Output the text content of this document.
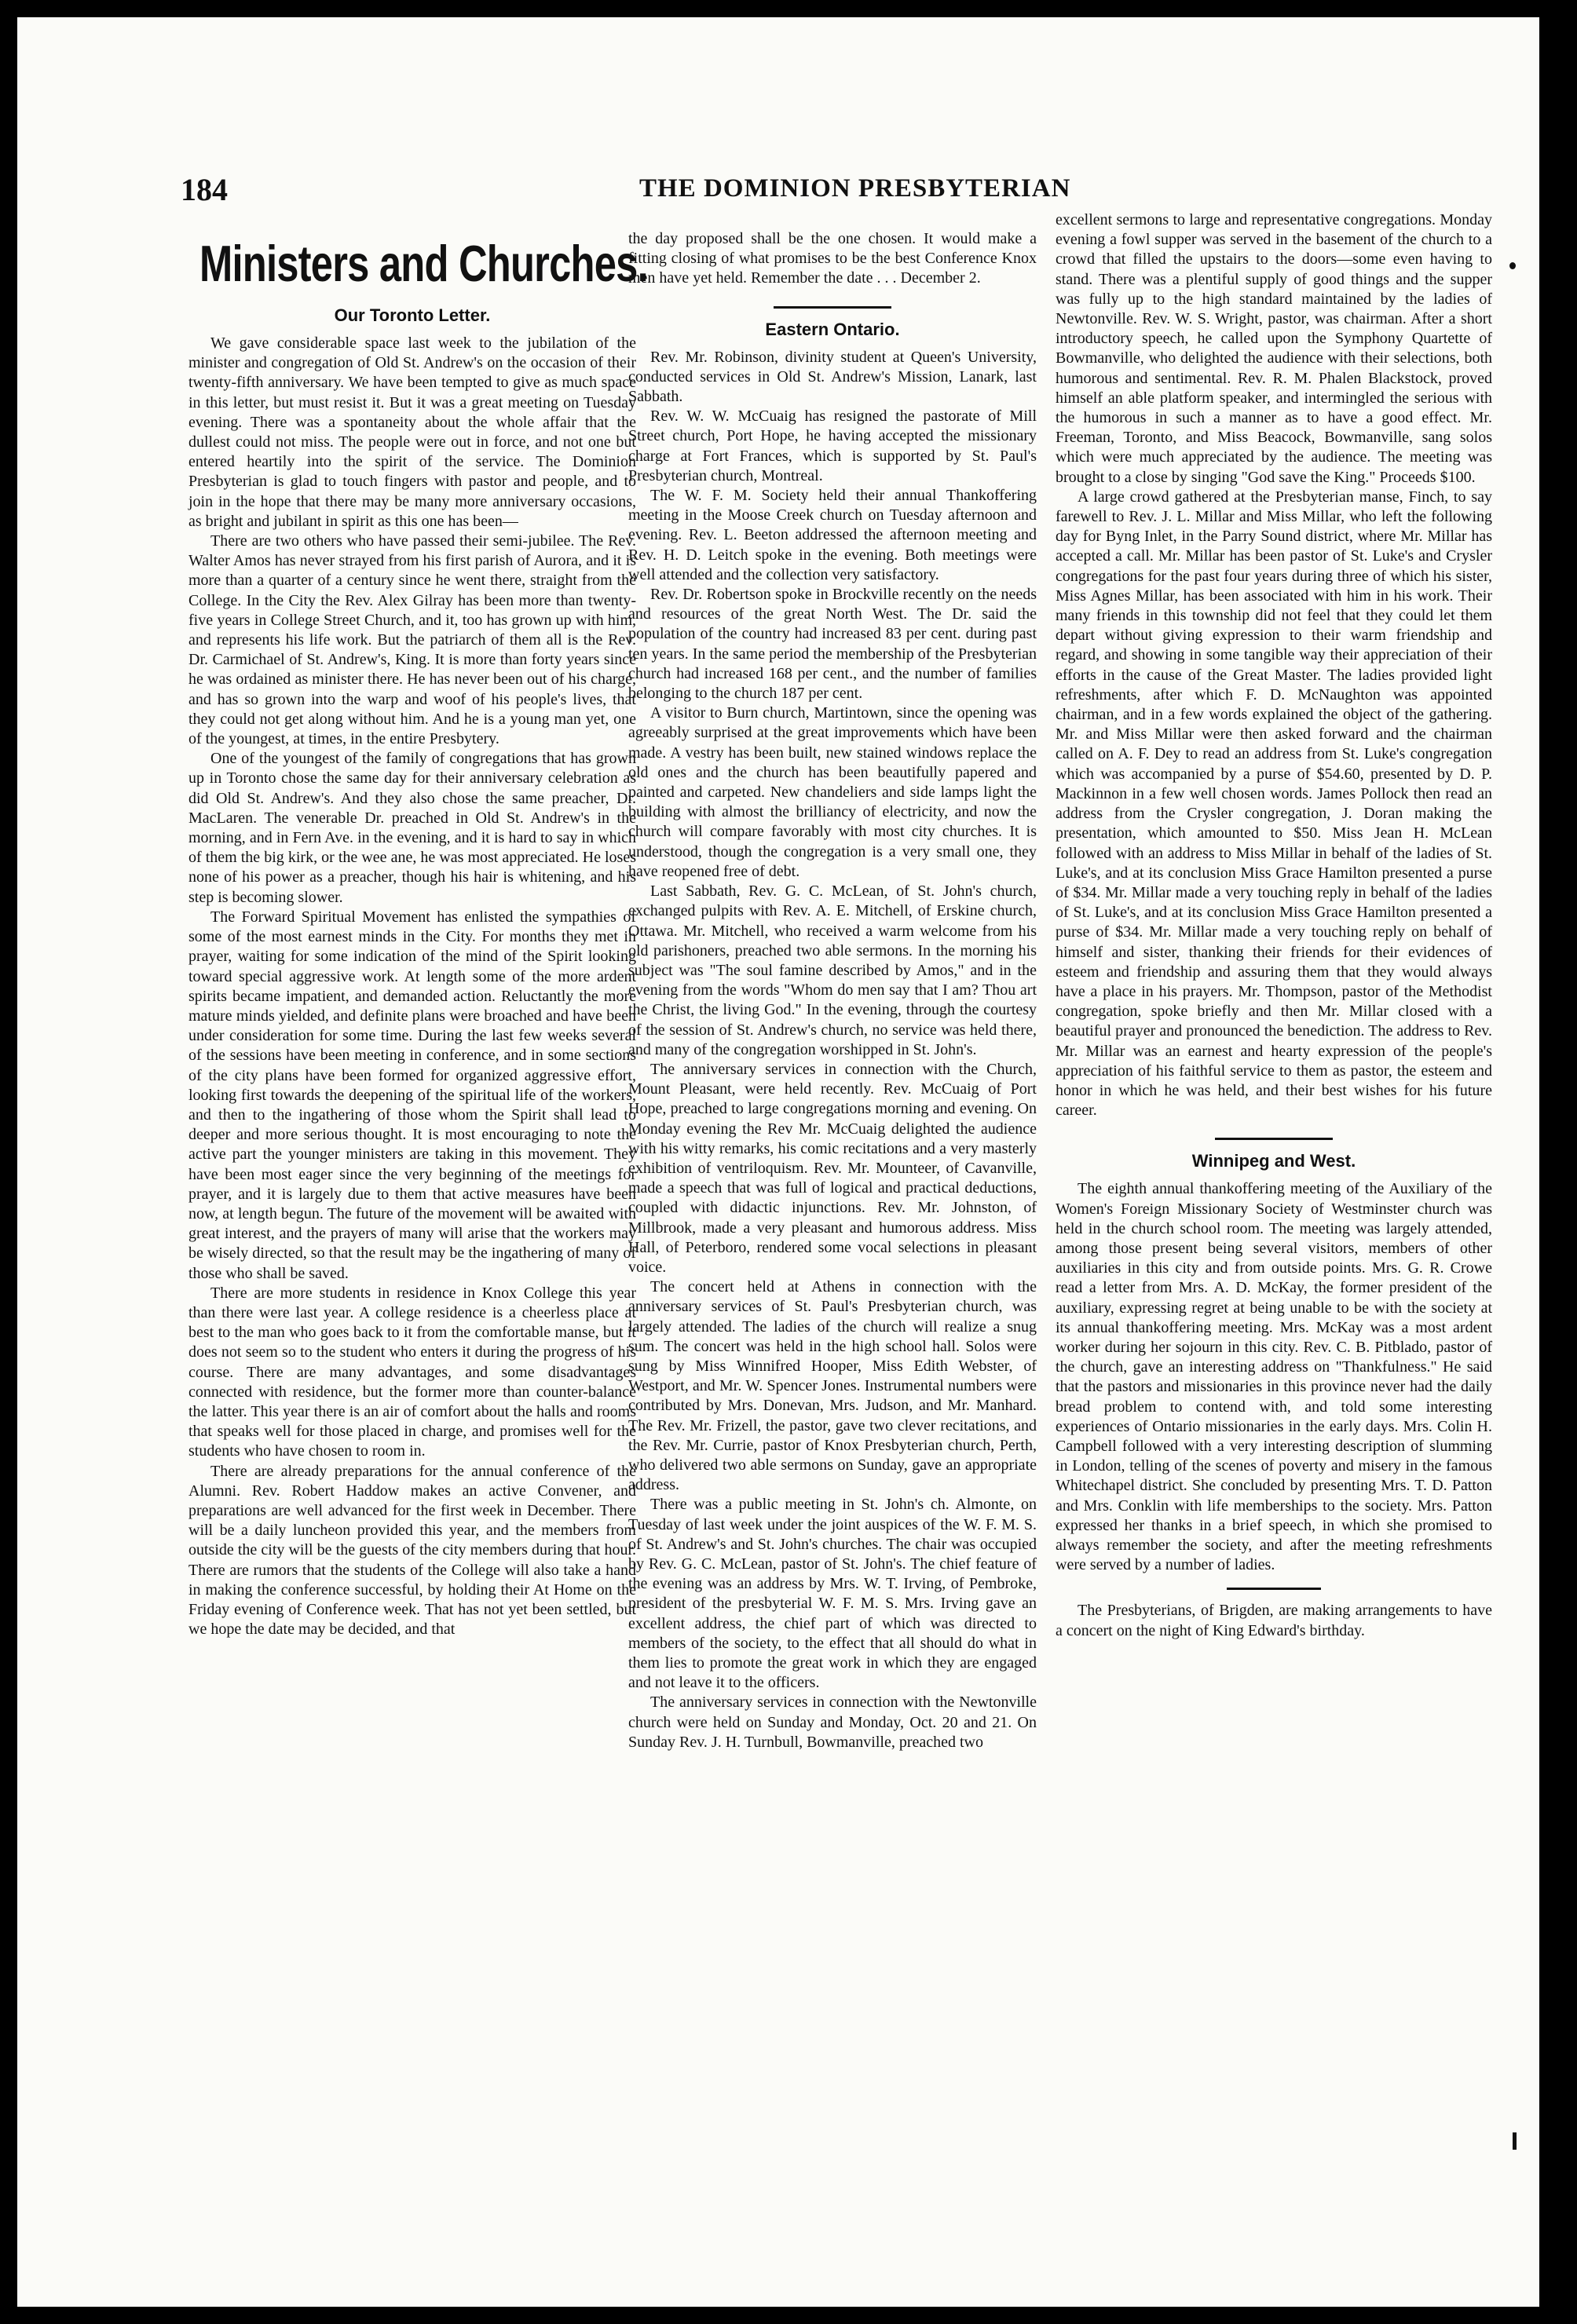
184	THE DOMINION PRESBYTERIAN
Ministers and Churches.
Our Toronto Letter.

We gave considerable space last week to the jubilation of the minister and congregation of Old St. Andrew's on the occasion of their twenty-fifth anniversary. We have been tempted to give as much space in this letter, but must resist it. But it was a great meeting on Tuesday evening. There was a spontaneity about the whole affair that the dullest could not miss. The people were out in force, and not one but entered heartily into the spirit of the service. The Dominion Presbyterian is glad to touch fingers with pastor and people, and to join in the hope that there may be many more anniversary occasions, as bright and jubilant in spirit as this one has been—

There are two others who have passed their semi-jubilee. The Rev. Walter Amos has never strayed from his first parish of Aurora, and it is more than a quarter of a century since he went there, straight from the College. In the City the Rev. Alex Gilray has been more than twenty-five years in College Street Church, and it, too has grown up with him, and represents his life work. But the patriarch of them all is the Rev. Dr. Carmichael of St. Andrew's, King. It is more than forty years since he was ordained as minister there. He has never been out of his charge, and has so grown into the warp and woof of his people's lives, that they could not get along without him. And he is a young man yet, one of the youngest, at times, in the entire Presbytery.

One of the youngest of the family of congregations that has grown up in Toronto chose the same day for their anniversary celebration as did Old St. Andrew's. And they also chose the same preacher, Dr. MacLaren. The venerable Dr. preached in Old St. Andrew's in the morning, and in Fern Ave. in the evening, and it is hard to say in which of them the big kirk, or the wee ane, he was most appreciated. He loses none of his power as a preacher, though his hair is whitening, and his step is becoming slower.

The Forward Spiritual Movement has enlisted the sympathies of some of the most earnest minds in the City. For months they met in prayer, waiting for some indication of the mind of the Spirit looking toward special aggressive work. At length some of the more ardent spirits became impatient, and demanded action. Reluctantly the more mature minds yielded, and definite plans were broached and have been under consideration for some time. During the last few weeks several of the sessions have been meeting in conference, and in some sections of the city plans have been formed for organized aggressive effort, looking first towards the deepening of the spiritual life of the workers, and then to the ingathering of those whom the Spirit shall lead to deeper and more serious thought. It is most encouraging to note the active part the younger ministers are taking in this movement. They have been most eager since the very beginning of the meetings for prayer, and it is largely due to them that active measures have been now, at length begun. The future of the movement will be awaited with great interest, and the prayers of many will arise that the workers may be wisely directed, so that the result may be the ingathering of many of those who shall be saved.

There are more students in residence in Knox College this year than there were last year. A college residence is a cheerless place at best to the man who goes back to it from the comfortable manse, but it does not seem so to the student who enters it during the progress of his course. There are many advantages, and some disadvantages connected with residence, but the former more than counter-balance the latter. This year there is an air of comfort about the halls and rooms that speaks well for those placed in charge, and promises well for the students who have chosen to room in.

There are already preparations for the annual conference of the Alumni. Rev. Robert Haddow makes an active Convener, and preparations are well advanced for the first week in December. There will be a daily luncheon provided this year, and the members from outside the city will be the guests of the city members during that hour. There are rumors that the students of the College will also take a hand in making the conference successful, by holding their At Home on the Friday evening of Conference week. That has not yet been settled, but we hope the date may be decided, and that

the day proposed shall be the one chosen. It would make a fitting closing of what promises to be the best Conference Knox men have yet held. Remember the date . . . December 2.

Eastern Ontario.

Rev. Mr. Robinson, divinity student at Queen's University, conducted services in Old St. Andrew's Mission, Lanark, last Sabbath.

Rev. W. W. McCuaig has resigned the pastorate of Mill Street church, Port Hope, he having accepted the missionary charge at Fort Frances, which is supported by St. Paul's Presbyterian church, Montreal.

The W. F. M. Society held their annual Thankoffering meeting in the Moose Creek church on Tuesday afternoon and evening. Rev. L. Beeton addressed the afternoon meeting and Rev. H. D. Leitch spoke in the evening. Both meetings were well attended and the collection very satisfactory.

Rev. Dr. Robertson spoke in Brockville recently on the needs and resources of the great North West. The Dr. said the population of the country had increased 83 per cent. during past ten years. In the same period the membership of the Presbyterian church had increased 168 per cent., and the number of families belonging to the church 187 per cent.

A visitor to Burn church, Martintown, since the opening was agreeably surprised at the great improvements which have been made. A vestry has been built, new stained windows replace the old ones and the church has been beautifully papered and painted and carpeted. New chandeliers and side lamps light the building with almost the brilliancy of electricity, and now the church will compare favorably with most city churches. It is understood, though the congregation is a very small one, they have reopened free of debt.

Last Sabbath, Rev. G. C. McLean, of St. John's church, exchanged pulpits with Rev. A. E. Mitchell, of Erskine church, Ottawa. Mr. Mitchell, who received a warm welcome from his old parishoners, preached two able sermons. In the morning his subject was "The soul famine described by Amos," and in the evening from the words "Whom do men say that I am? Thou art the Christ, the living God." In the evening, through the courtesy of the session of St. Andrew's church, no service was held there, and many of the congregation worshipped in St. John's.

The anniversary services in connection with the Church, Mount Pleasant, were held recently. Rev. McCuaig of Port Hope, preached to large congregations morning and evening. On Monday evening the Rev Mr. McCuaig delighted the audience with his witty remarks, his comic recitations and a very masterly exhibition of ventriloquism. Rev. Mr. Mounteer, of Cavanville, made a speech that was full of logical and practical deductions, coupled with didactic injunctions. Rev. Mr. Johnston, of Millbrook, made a very pleasant and humorous address. Miss Hall, of Peterboro, rendered some vocal selections in pleasant voice.

The concert held at Athens in connection with the anniversary services of St. Paul's Presbyterian church, was largely attended. The ladies of the church will realize a snug sum. The concert was held in the high school hall. Solos were sung by Miss Winnifred Hooper, Miss Edith Webster, of Westport, and Mr. W. Spencer Jones. Instrumental numbers were contributed by Mrs. Donevan, Mrs. Judson, and Mr. Manhard. The Rev. Mr. Frizell, the pastor, gave two clever recitations, and the Rev. Mr. Currie, pastor of Knox Presbyterian church, Perth, who delivered two able sermons on Sunday, gave an appropriate address.

There was a public meeting in St. John's ch. Almonte, on Tuesday of last week under the joint auspices of the W. F. M. S. of St. Andrew's and St. John's churches. The chair was occupied by Rev. G. C. McLean, pastor of St. John's. The chief feature of the evening was an address by Mrs. W. T. Irving, of Pembroke, president of the presbyterial W. F. M. S. Mrs. Irving gave an excellent address, the chief part of which was directed to members of the society, to the effect that all should do what in them lies to promote the great work in which they are engaged and not leave it to the officers.

The anniversary services in connection with the Newtonville church were held on Sunday and Monday, Oct. 20 and 21. On Sunday Rev. J. H. Turnbull, Bowmanville, preached two

excellent sermons to large and representative congregations. Monday evening a fowl supper was served in the basement of the church to a crowd that filled the upstairs to the doors—some even having to stand. There was a plentiful supply of good things and the supper was fully up to the high standard maintained by the ladies of Newtonville. Rev. W. S. Wright, pastor, was chairman. After a short introductory speech, he called upon the Symphony Quartette of Bowmanville, who delighted the audience with their selections, both humorous and sentimental. Rev. R. M. Phalen Blackstock, proved himself an able platform speaker, and intermingled the serious with the humorous in such a manner as to have a good effect. Mr. Freeman, Toronto, and Miss Beacock, Bowmanville, sang solos which were much appreciated by the audience. The meeting was brought to a close by singing "God save the King." Proceeds $100.

A large crowd gathered at the Presbyterian manse, Finch, to say farewell to Rev. J. L. Millar and Miss Millar, who left the following day for Byng Inlet, in the Parry Sound district, where Mr. Millar has accepted a call. Mr. Millar has been pastor of St. Luke's and Crysler congregations for the past four years during three of which his sister, Miss Agnes Millar, has been associated with him in his work. Their many friends in this township did not feel that they could let them depart without giving expression to their warm friendship and regard, and showing in some tangible way their appreciation of their efforts in the cause of the Great Master. The ladies provided light refreshments, after which F. D. McNaughton was appointed chairman, and in a few words explained the object of the gathering. Mr. and Miss Millar were then asked forward and the chairman called on A. F. Dey to read an address from St. Luke's congregation which was accompanied by a purse of $54.60, presented by D. P. Mackinnon in a few well chosen words. James Pollock then read an address from the Crysler congregation, J. Doran making the presentation, which amounted to $50. Miss Jean H. McLean followed with an address to Miss Millar in behalf of the ladies of St. Luke's, and at its conclusion Miss Grace Hamilton presented a purse of $34. Mr. Millar made a very touching reply in behalf of the ladies of St. Luke's, and at its conclusion Miss Grace Hamilton presented a purse of $34. Mr. Millar made a very touching reply on behalf of himself and sister, thanking their friends for their evidences of esteem and friendship and assuring them that they would always have a place in his prayers. Mr. Thompson, pastor of the Methodist congregation, spoke briefly and then Mr. Millar closed with a beautiful prayer and pronounced the benediction. The address to Rev. Mr. Millar was an earnest and hearty expression of the people's appreciation of his faithful service to them as pastor, the esteem and honor in which he was held, and their best wishes for his future career.

Winnipeg and West.

The eighth annual thankoffering meeting of the Auxiliary of the Women's Foreign Missionary Society of Westminster church was held in the church school room. The meeting was largely attended, among those present being several visitors, members of other auxiliaries in this city and from outside points. Mrs. G. R. Crowe read a letter from Mrs. A. D. McKay, the former president of the auxiliary, expressing regret at being unable to be with the society at its annual thankoffering meeting. Mrs. McKay was a most ardent worker during her sojourn in this city. Rev. C. B. Pitblado, pastor of the church, gave an interesting address on "Thankfulness." He said that the pastors and missionaries in this province never had the daily bread problem to contend with, and told some interesting experiences of Ontario missionaries in the early days. Mrs. Colin H. Campbell followed with a very interesting description of slumming in London, telling of the scenes of poverty and misery in the famous Whitechapel district. She concluded by presenting Mrs. T. D. Patton and Mrs. Conklin with life memberships to the society. Mrs. Patton expressed her thanks in a brief speech, in which she promised to always remember the society, and after the meeting refreshments were served by a number of ladies.

The Presbyterians, of Brigden, are making arrangements to have a concert on the night of King Edward's birthday.
